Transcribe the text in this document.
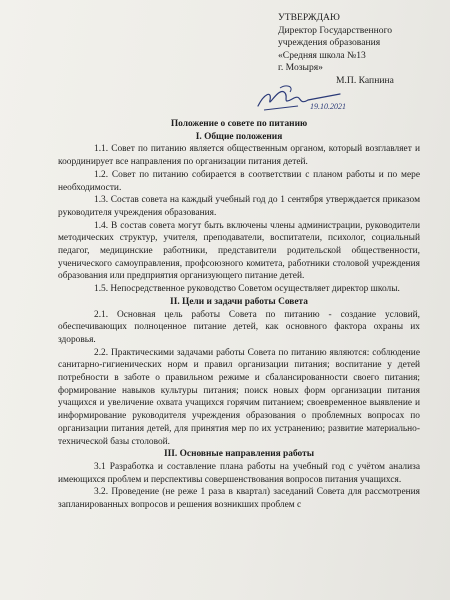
УТВЕРЖДАЮ
Директор Государственного
учреждения образования
«Средняя школа №13
г. Мозыря»
М.П. Капнина
19.10.2021
Положение о совете по питанию
I. Общие положения

1.1. Совет по питанию является общественным органом, который возглавляет и координирует все направления по организации питания детей.

1.2. Совет по питанию собирается в соответствии с планом работы и по мере необходимости.

1.3. Состав совета на каждый учебный год до 1 сентября утверждается приказом руководителя учреждения образования.

1.4. В состав совета могут быть включены члены администрации, руководители методических структур, учителя, преподаватели, воспитатели, психолог, социальный педагог, медицинские работники, представители родительской общественности, ученического самоуправления, профсоюзного комитета, работники столовой учреждения образования или предприятия организующего питание детей.

1.5. Непосредственное руководство Советом осуществляет директор школы.

II. Цели и задачи работы Совета

2.1. Основная цель работы Совета по питанию - создание условий, обеспечивающих полноценное питание детей, как основного фактора охраны их здоровья.

2.2. Практическими задачами работы Совета по питанию являются: соблюдение санитарно-гигиенических норм и правил организации питания; воспитание у детей потребности в заботе о правильном режиме и сбалансированности своего питания; формирование навыков культуры питания; поиск новых форм организации питания учащихся и увеличение охвата учащихся горячим питанием; своевременное выявление и информирование руководителя учреждения образования о проблемных вопросах по организации питания детей, для принятия мер по их устранению; развитие материально-технической базы столовой.

III. Основные направления работы

3.1 Разработка и составление плана работы на учебный год с учётом анализа имеющихся проблем и перспективы совершенствования вопросов питания учащихся.

3.2. Проведение (не реже 1 раза в квартал) заседаний Совета для рассмотрения запланированных вопросов и решения возникших проблем с
